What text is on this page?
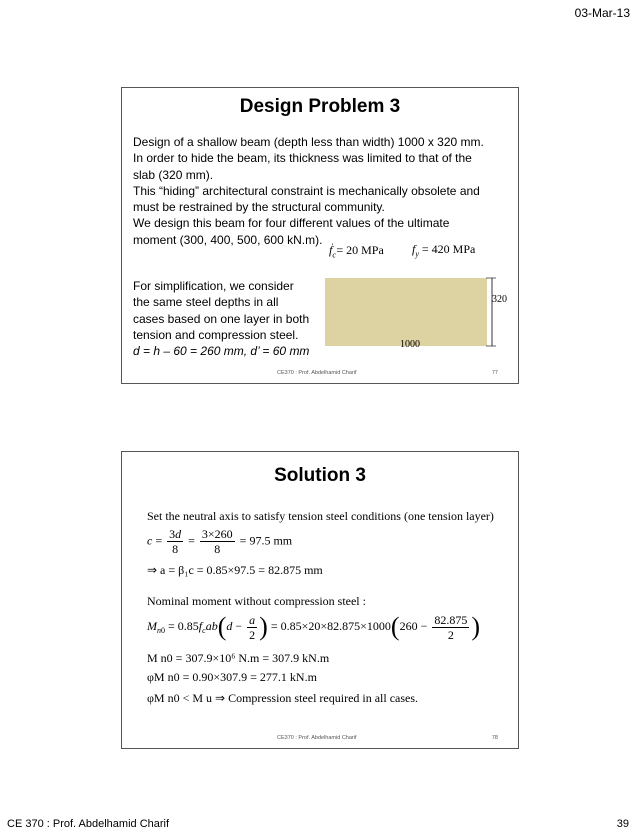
03-Mar-13
Design Problem 3
Design of a shallow beam (depth less than width) 1000 x 320 mm.
In order to hide the beam, its thickness was limited to that of the
slab (320 mm).
This “hiding” architectural constraint is mechanically obsolete and
must be restrained by the structural community.
We design this beam for four different values of the ultimate
moment (300, 400, 500, 600 kN.m).
$f_c' = 20$ MPa $f_y = 420$ MPa
For simplification, we consider
the same steel depths in all
cases based on one layer in both
tension and compression steel.
d = h – 60 = 260 mm, d’ = 60 mm
320
1000
CE370 : Prof. Abdelhamid Charif	77
Solution 3
Set the neutral axis to satisfy tension steel conditions (one tension layer)
$c = \frac{3d}{8} = \frac{3\times 260}{8} = 97.5$ mm
⇒ a = β₁c = 0.85×97.5 = 82.875 mm
Nominal moment without compression steel :
$M_{n0} = 0.85f_cab(d - \frac{a}{2}$ ) = $0.85\times 20\times 82.875\times 1000(260 - \frac{82.875}{2}$ )
M n0 = 307.9×10⁶ N.m = 307.9 kN.m
φM n0 = 0.90×307.9 = 277.1 kN.m
φM n0 < M u ⇒ Compression steel required in all cases.
CE370 : Prof. Abdelhamid Charif	78
CE 370 : Prof. Abdelhamid Charif	39
